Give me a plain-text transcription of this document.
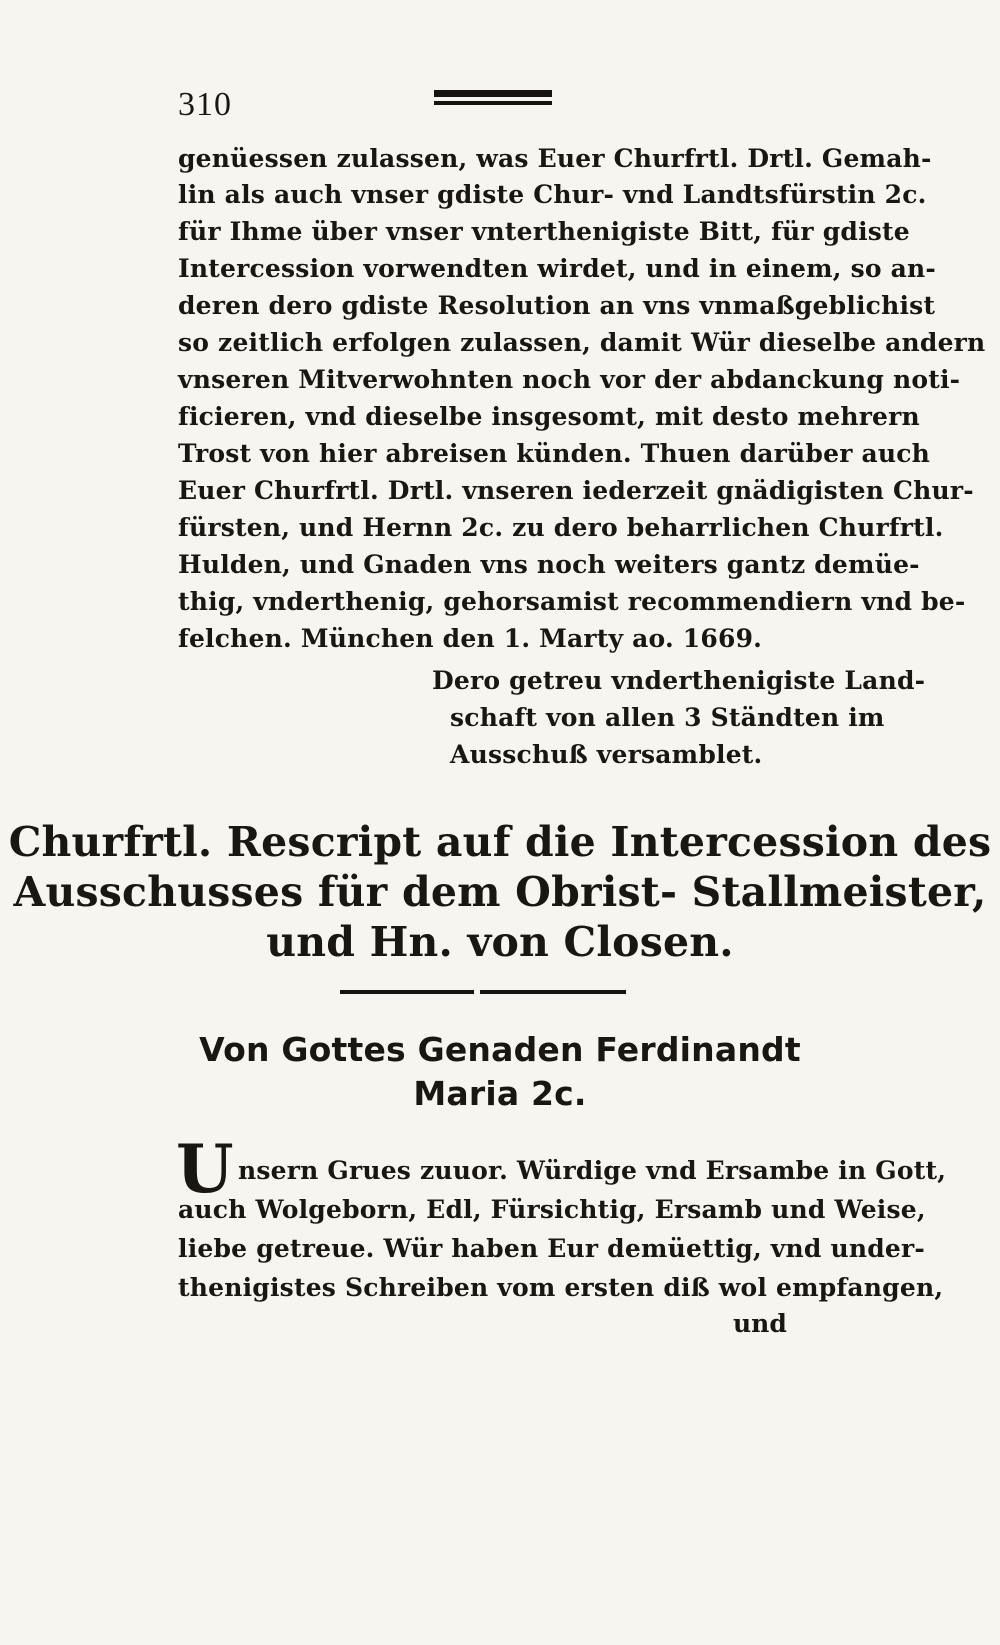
310
genüessen zulassen, was Euer Churfrtl. Drtl. Gemah-
lin als auch vnser gdiste Chur- vnd Landtsfürstin 2c.
für Ihme über vnser vnterthenigiste Bitt, für gdiste
Intercession vorwendten wirdet, und in einem, so an-
deren dero gdiste Resolution an vns vnmaßgeblichist
so zeitlich erfolgen zulassen, damit Wür dieselbe andern
vnseren Mitverwohnten noch vor der abdanckung noti-
ficieren, vnd dieselbe insgesomt, mit desto mehrern
Trost von hier abreisen künden. Thuen darüber auch
Euer Churfrtl. Drtl. vnseren iederzeit gnädigisten Chur-
fürsten, und Hernn 2c. zu dero beharrlichen Churfrtl.
Hulden, und Gnaden vns noch weiters gantz demüe-
thig, vnderthenig, gehorsamist recommendiern vnd be-
felchen. München den 1. Marty ao. 1669.
Dero getreu vnderthenigiste Land-
schaft von allen 3 Ständten im
Ausschuß versamblet.
Churfrtl. Rescript auf die Intercession des
Ausschusses für dem Obrist- Stallmeister,
und Hn. von Closen.
Von Gottes Genaden Ferdinandt
Maria 2c.
U nsern Grues zuuor. Würdige vnd Ersambe in Gott,
auch Wolgeborn, Edl, Fürsichtig, Ersamb und Weise,
liebe getreue. Wür haben Eur demüettig, vnd under-
thenigistes Schreiben vom ersten diß wol empfangen,
und
